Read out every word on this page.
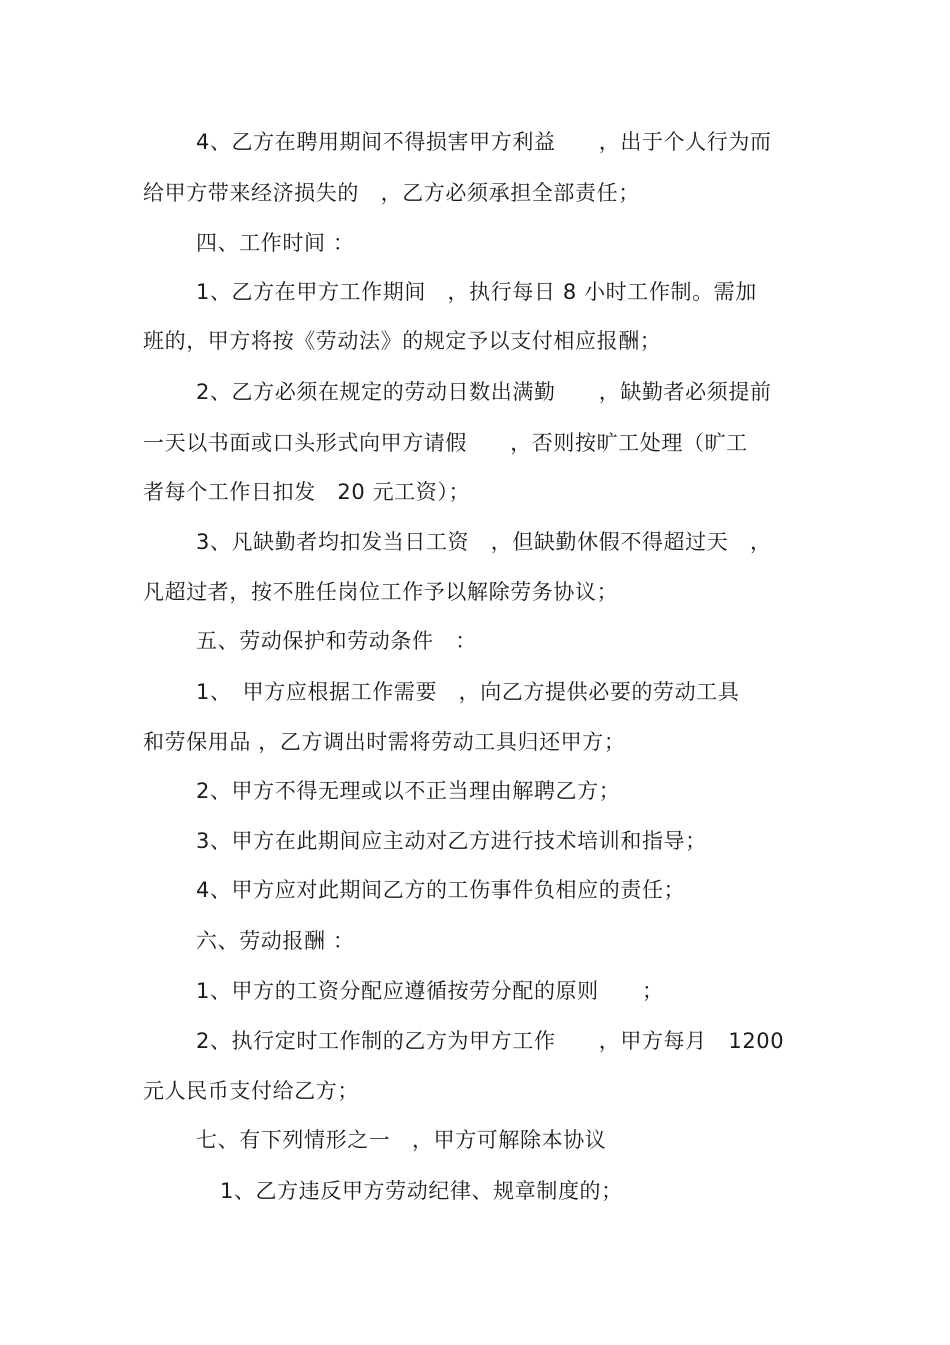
4、乙方在聘用期间不得损害甲方利益　　，出于个人行为而
给甲方带来经济损失的　，乙方必须承担全部责任；
四、工作时间 ：
1、乙方在甲方工作期间　，执行每日 8 小时工作制。需加
班的，甲方将按《劳动法》的规定予以支付相应报酬；
2、乙方必须在规定的劳动日数出满勤　　，缺勤者必须提前
一天以书面或口头形式向甲方请假　　，否则按旷工处理（旷工
者每个工作日扣发　20 元工资）；
3、凡缺勤者均扣发当日工资　，但缺勤休假不得超过天　，
凡超过者，按不胜任岗位工作予以解除劳务协议；
五、劳动保护和劳动条件　：
1、　甲方应根据工作需要　，向乙方提供必要的劳动工具
和劳保用品 ，乙方调出时需将劳动工具归还甲方；
2、甲方不得无理或以不正当理由解聘乙方；
3、甲方在此期间应主动对乙方进行技术培训和指导；
4、甲方应对此期间乙方的工伤事件负相应的责任；
六、劳动报酬 ：
1、甲方的工资分配应遵循按劳分配的原则　　；
2、执行定时工作制的乙方为甲方工作　　，甲方每月　1200
元人民币支付给乙方；
七、有下列情形之一　，甲方可解除本协议
1、乙方违反甲方劳动纪律、规章制度的；
